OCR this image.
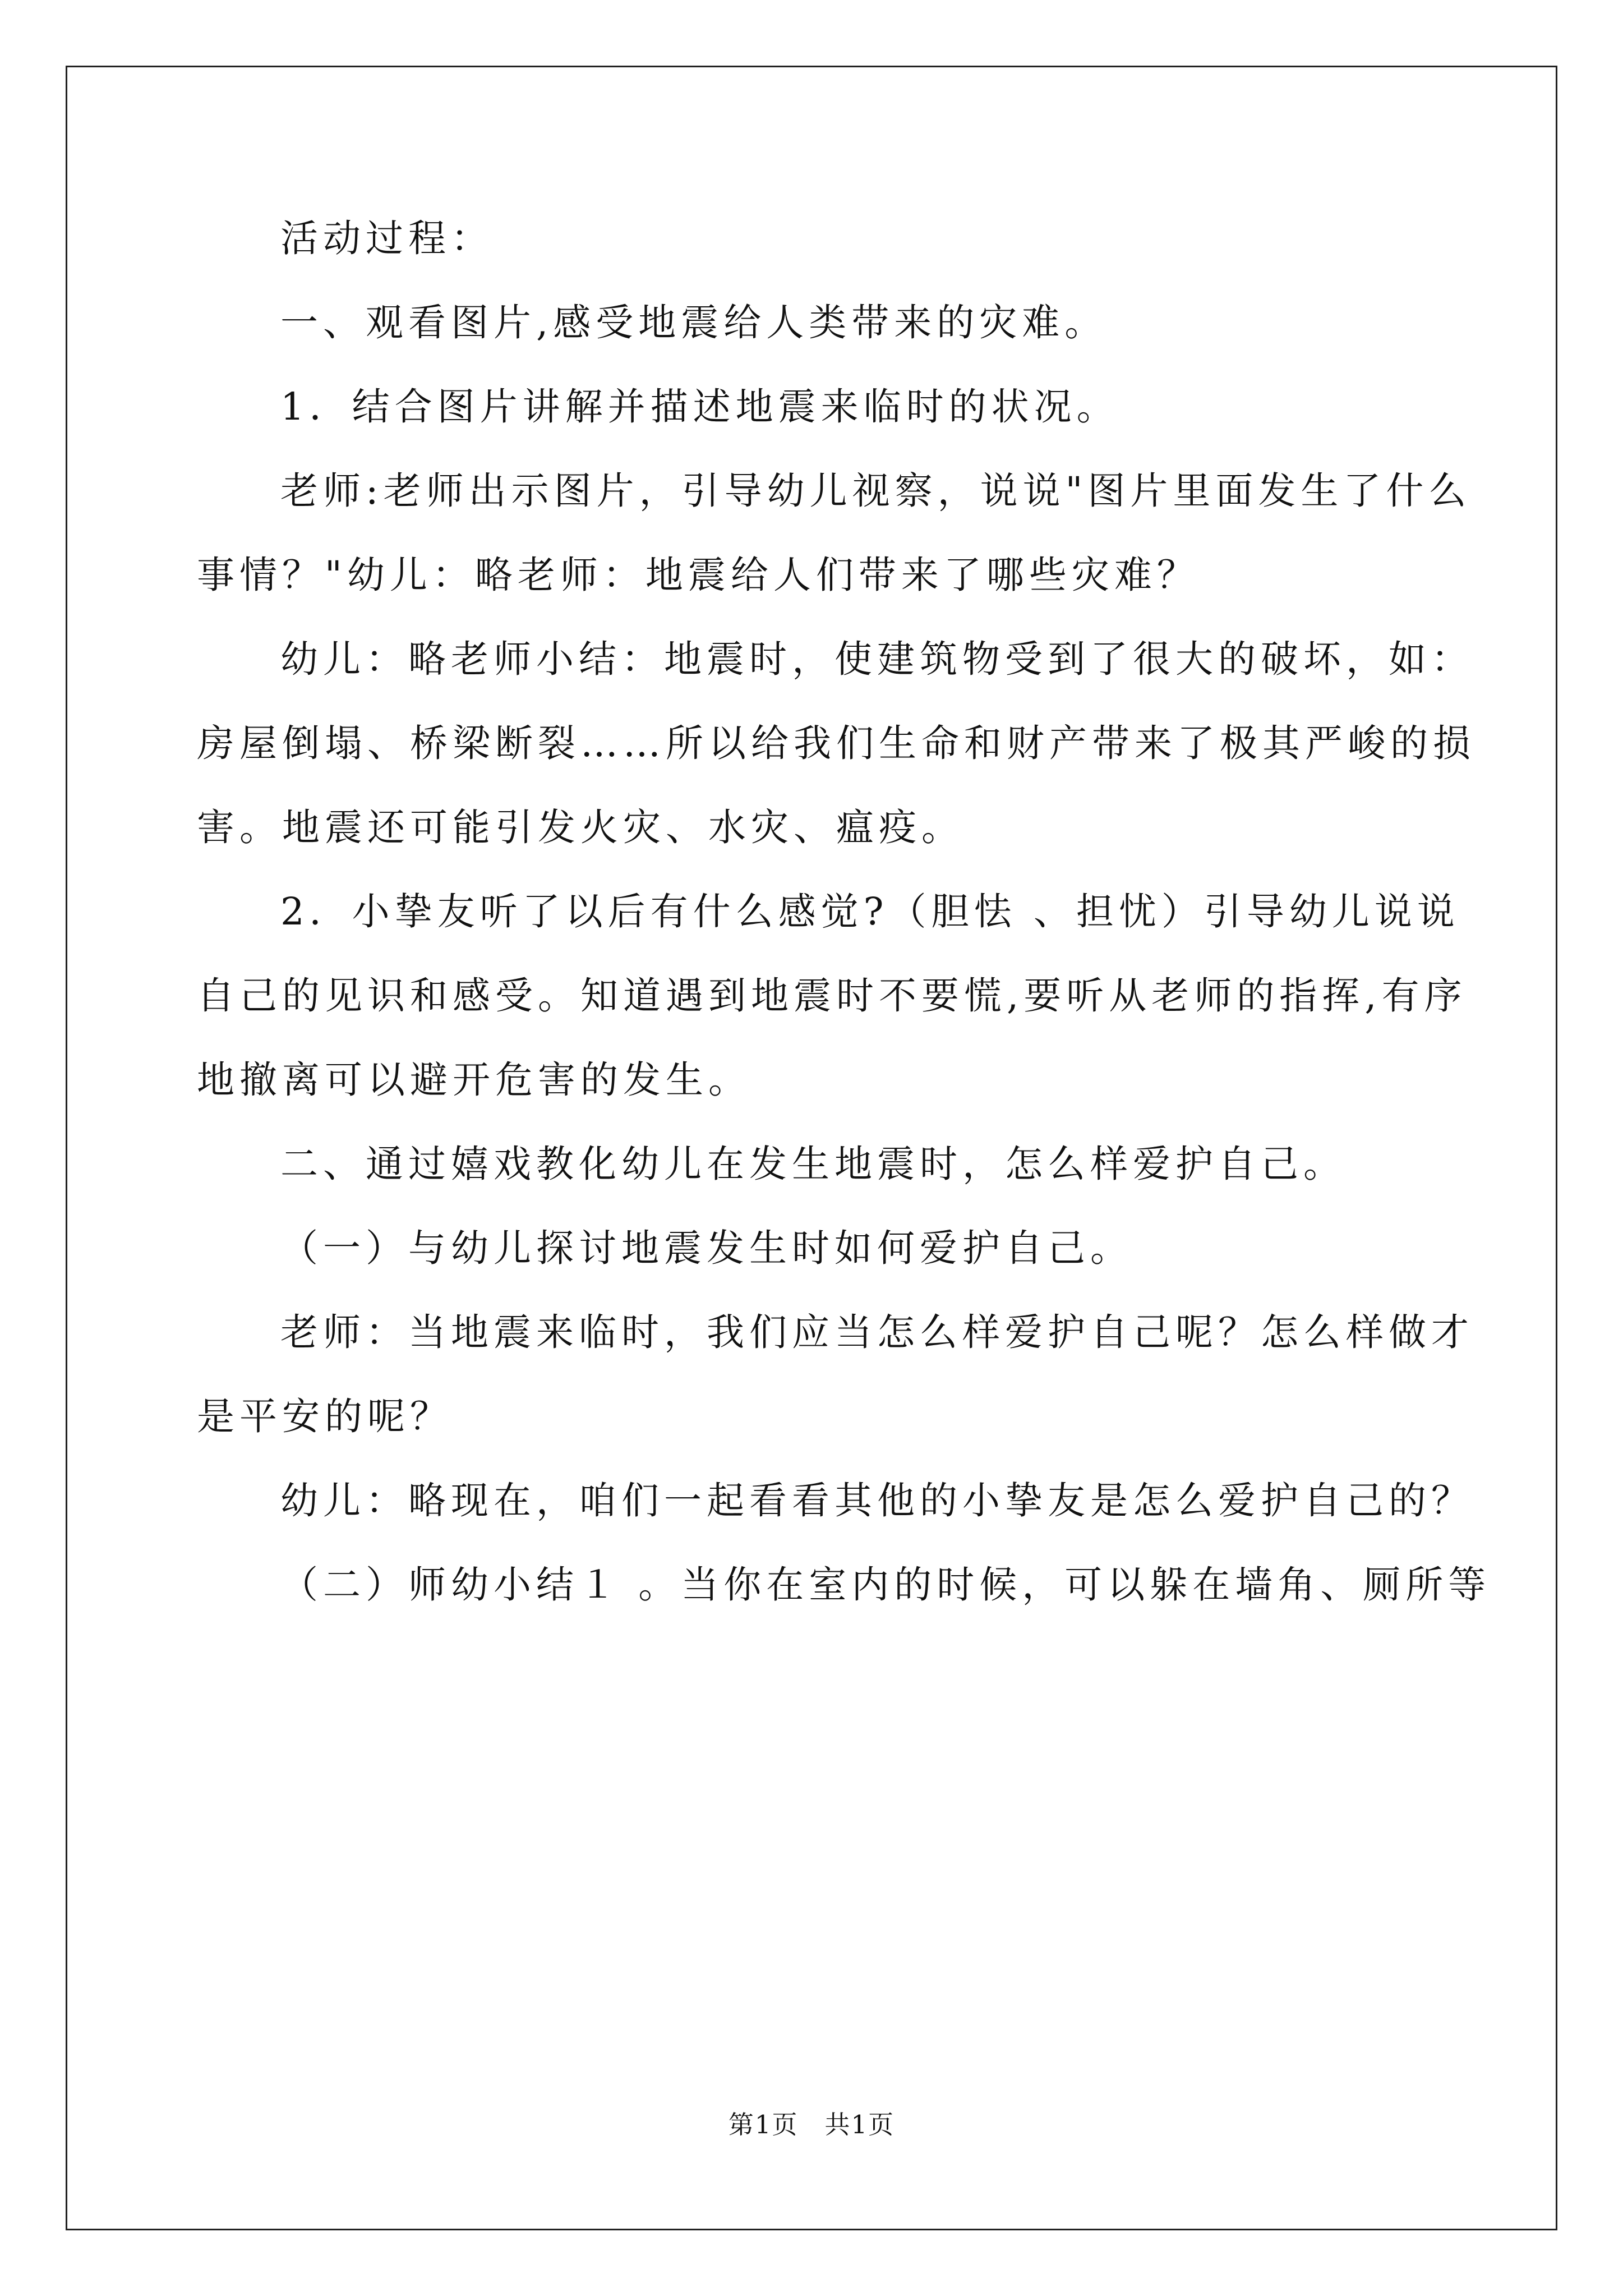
活动过程：
一、观看图片,感受地震给人类带来的灾难。
1．结合图片讲解并描述地震来临时的状况。
老师:老师出示图片，引导幼儿视察，说说"图片里面发生了什么
事情？"幼儿：略老师：地震给人们带来了哪些灾难？
幼儿：略老师小结：地震时，使建筑物受到了很大的破坏，如：
房屋倒塌、桥梁断裂……所以给我们生命和财产带来了极其严峻的损
害。地震还可能引发火灾、水灾、瘟疫。
2．小挚友听了以后有什么感觉?（胆怯 、担忧）引导幼儿说说
自己的见识和感受。知道遇到地震时不要慌,要听从老师的指挥,有序
地撤离可以避开危害的发生。
二、通过嬉戏教化幼儿在发生地震时，怎么样爱护自己。
（一）与幼儿探讨地震发生时如何爱护自己。
老师：当地震来临时，我们应当怎么样爱护自己呢？怎么样做才
是平安的呢？
幼儿：略现在，咱们一起看看其他的小挚友是怎么爱护自己的？
（二）师幼小结１ 。当你在室内的时候，可以躲在墙角、厕所等
第1页　共1页
